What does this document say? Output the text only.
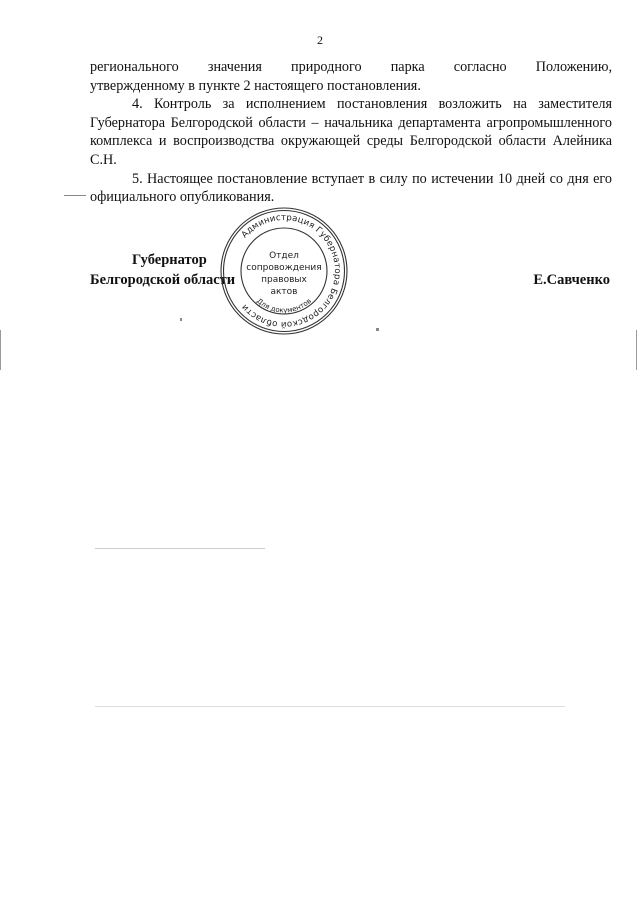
2

регионального значения природного парка согласно Положению,

утвержденному в пункте 2 настоящего постановления.

4. Контроль за исполнением постановления возложить на заместителя Губернатора Белгородской области – начальника департамента агропромышленного комплекса и воспроизводства окружающей среды Белгородской области Алейника С.Н.

5. Настоящее постановление вступает в силу по истечении 10 дней со дня его официального опубликования.

Губернатор
Белгородской области	Е.Савченко
Администрация Губернатора Белгородской области
Для документов
Отдел
сопровождения
правовых
актов
